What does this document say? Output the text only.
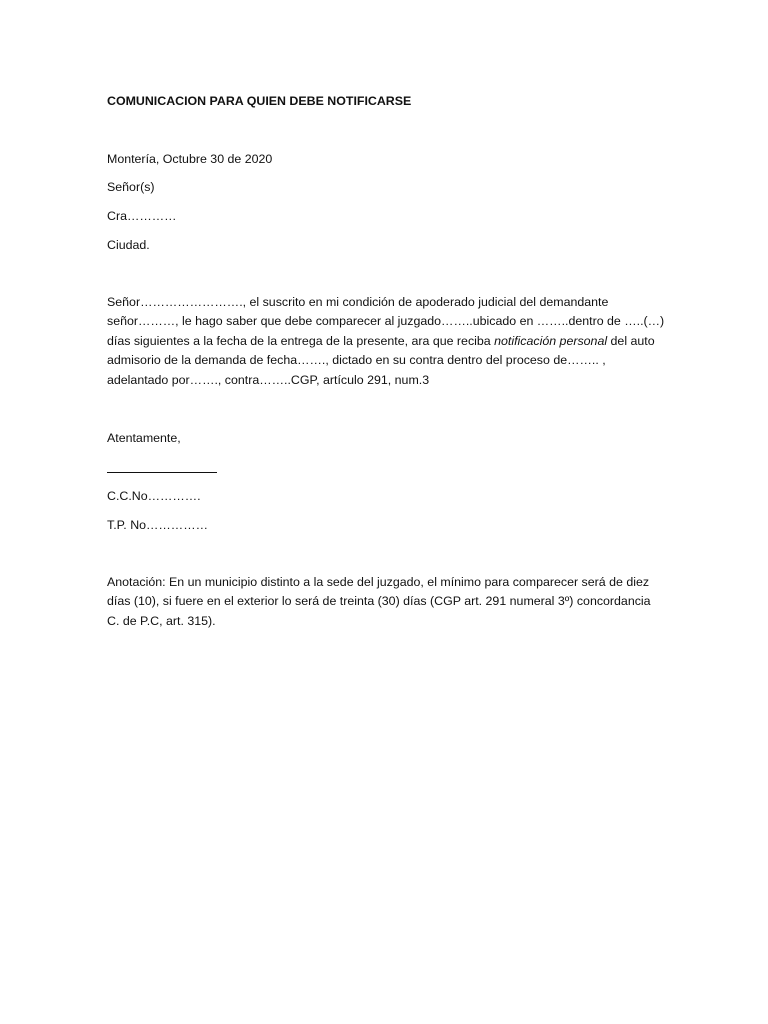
COMUNICACION PARA QUIEN DEBE NOTIFICARSE
Montería, Octubre 30 de 2020
Señor(s)
Cra…………
Ciudad.
Señor……………………., el suscrito en mi condición de apoderado judicial del demandante
señor………, le hago saber que debe comparecer al juzgado……..ubicado en ……..dentro de …..(…)
días siguientes a la fecha de la entrega de la presente, ara que reciba notificación personal del auto
admisorio de la demanda de fecha……., dictado en su contra dentro del proceso de…….. ,
adelantado por……., contra……..CGP, artículo 291, num.3
Atentamente,
C.C.No………….
T.P. No……………
Anotación: En un municipio distinto a la sede del juzgado, el mínimo para comparecer será de diez
días (10), si fuere en el exterior lo será de treinta (30) días (CGP art. 291 numeral 3º) concordancia
C. de P.C, art. 315).
